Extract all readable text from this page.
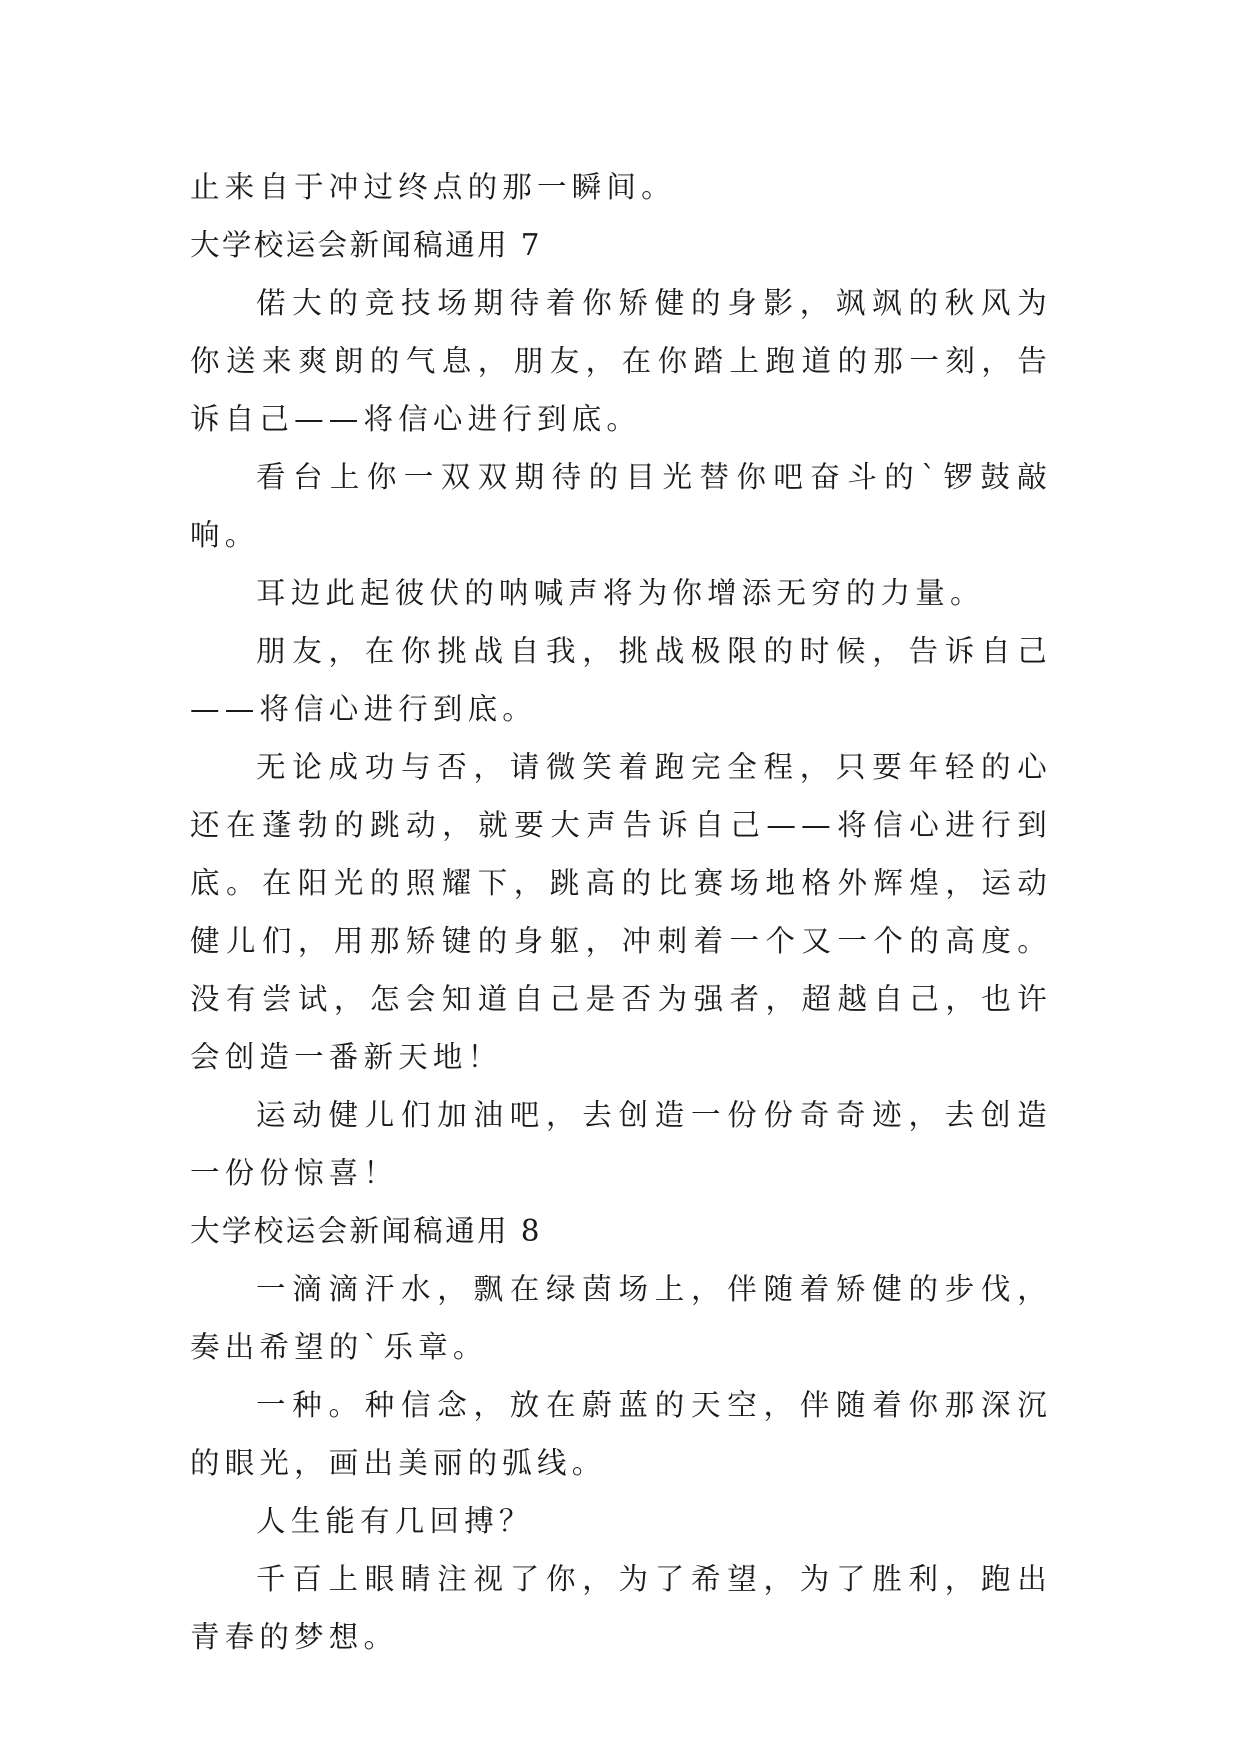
止来自于冲过终点的那一瞬间。

大学校运会新闻稿通用 7

偌大的竞技场期待着你矫健的身影，飒飒的秋风为你送来爽朗的气息，朋友，在你踏上跑道的那一刻，告诉自己——将信心进行到底。

看台上你一双双期待的目光替你吧奋斗的`锣鼓敲响。

耳边此起彼伏的呐喊声将为你增添无穷的力量。

朋友，在你挑战自我，挑战极限的时候，告诉自己——将信心进行到底。

无论成功与否，请微笑着跑完全程，只要年轻的心还在蓬勃的跳动，就要大声告诉自己——将信心进行到底。在阳光的照耀下，跳高的比赛场地格外辉煌，运动健儿们，用那矫键的身躯，冲刺着一个又一个的高度。没有尝试，怎会知道自己是否为强者，超越自己，也许会创造一番新天地！

运动健儿们加油吧，去创造一份份奇奇迹，去创造一份份惊喜！

大学校运会新闻稿通用 8

一滴滴汗水，飘在绿茵场上，伴随着矫健的步伐，奏出希望的`乐章。

一种。种信念，放在蔚蓝的天空，伴随着你那深沉的眼光，画出美丽的弧线。

人生能有几回搏？

千百上眼睛注视了你，为了希望，为了胜利，跑出青春的梦想。
